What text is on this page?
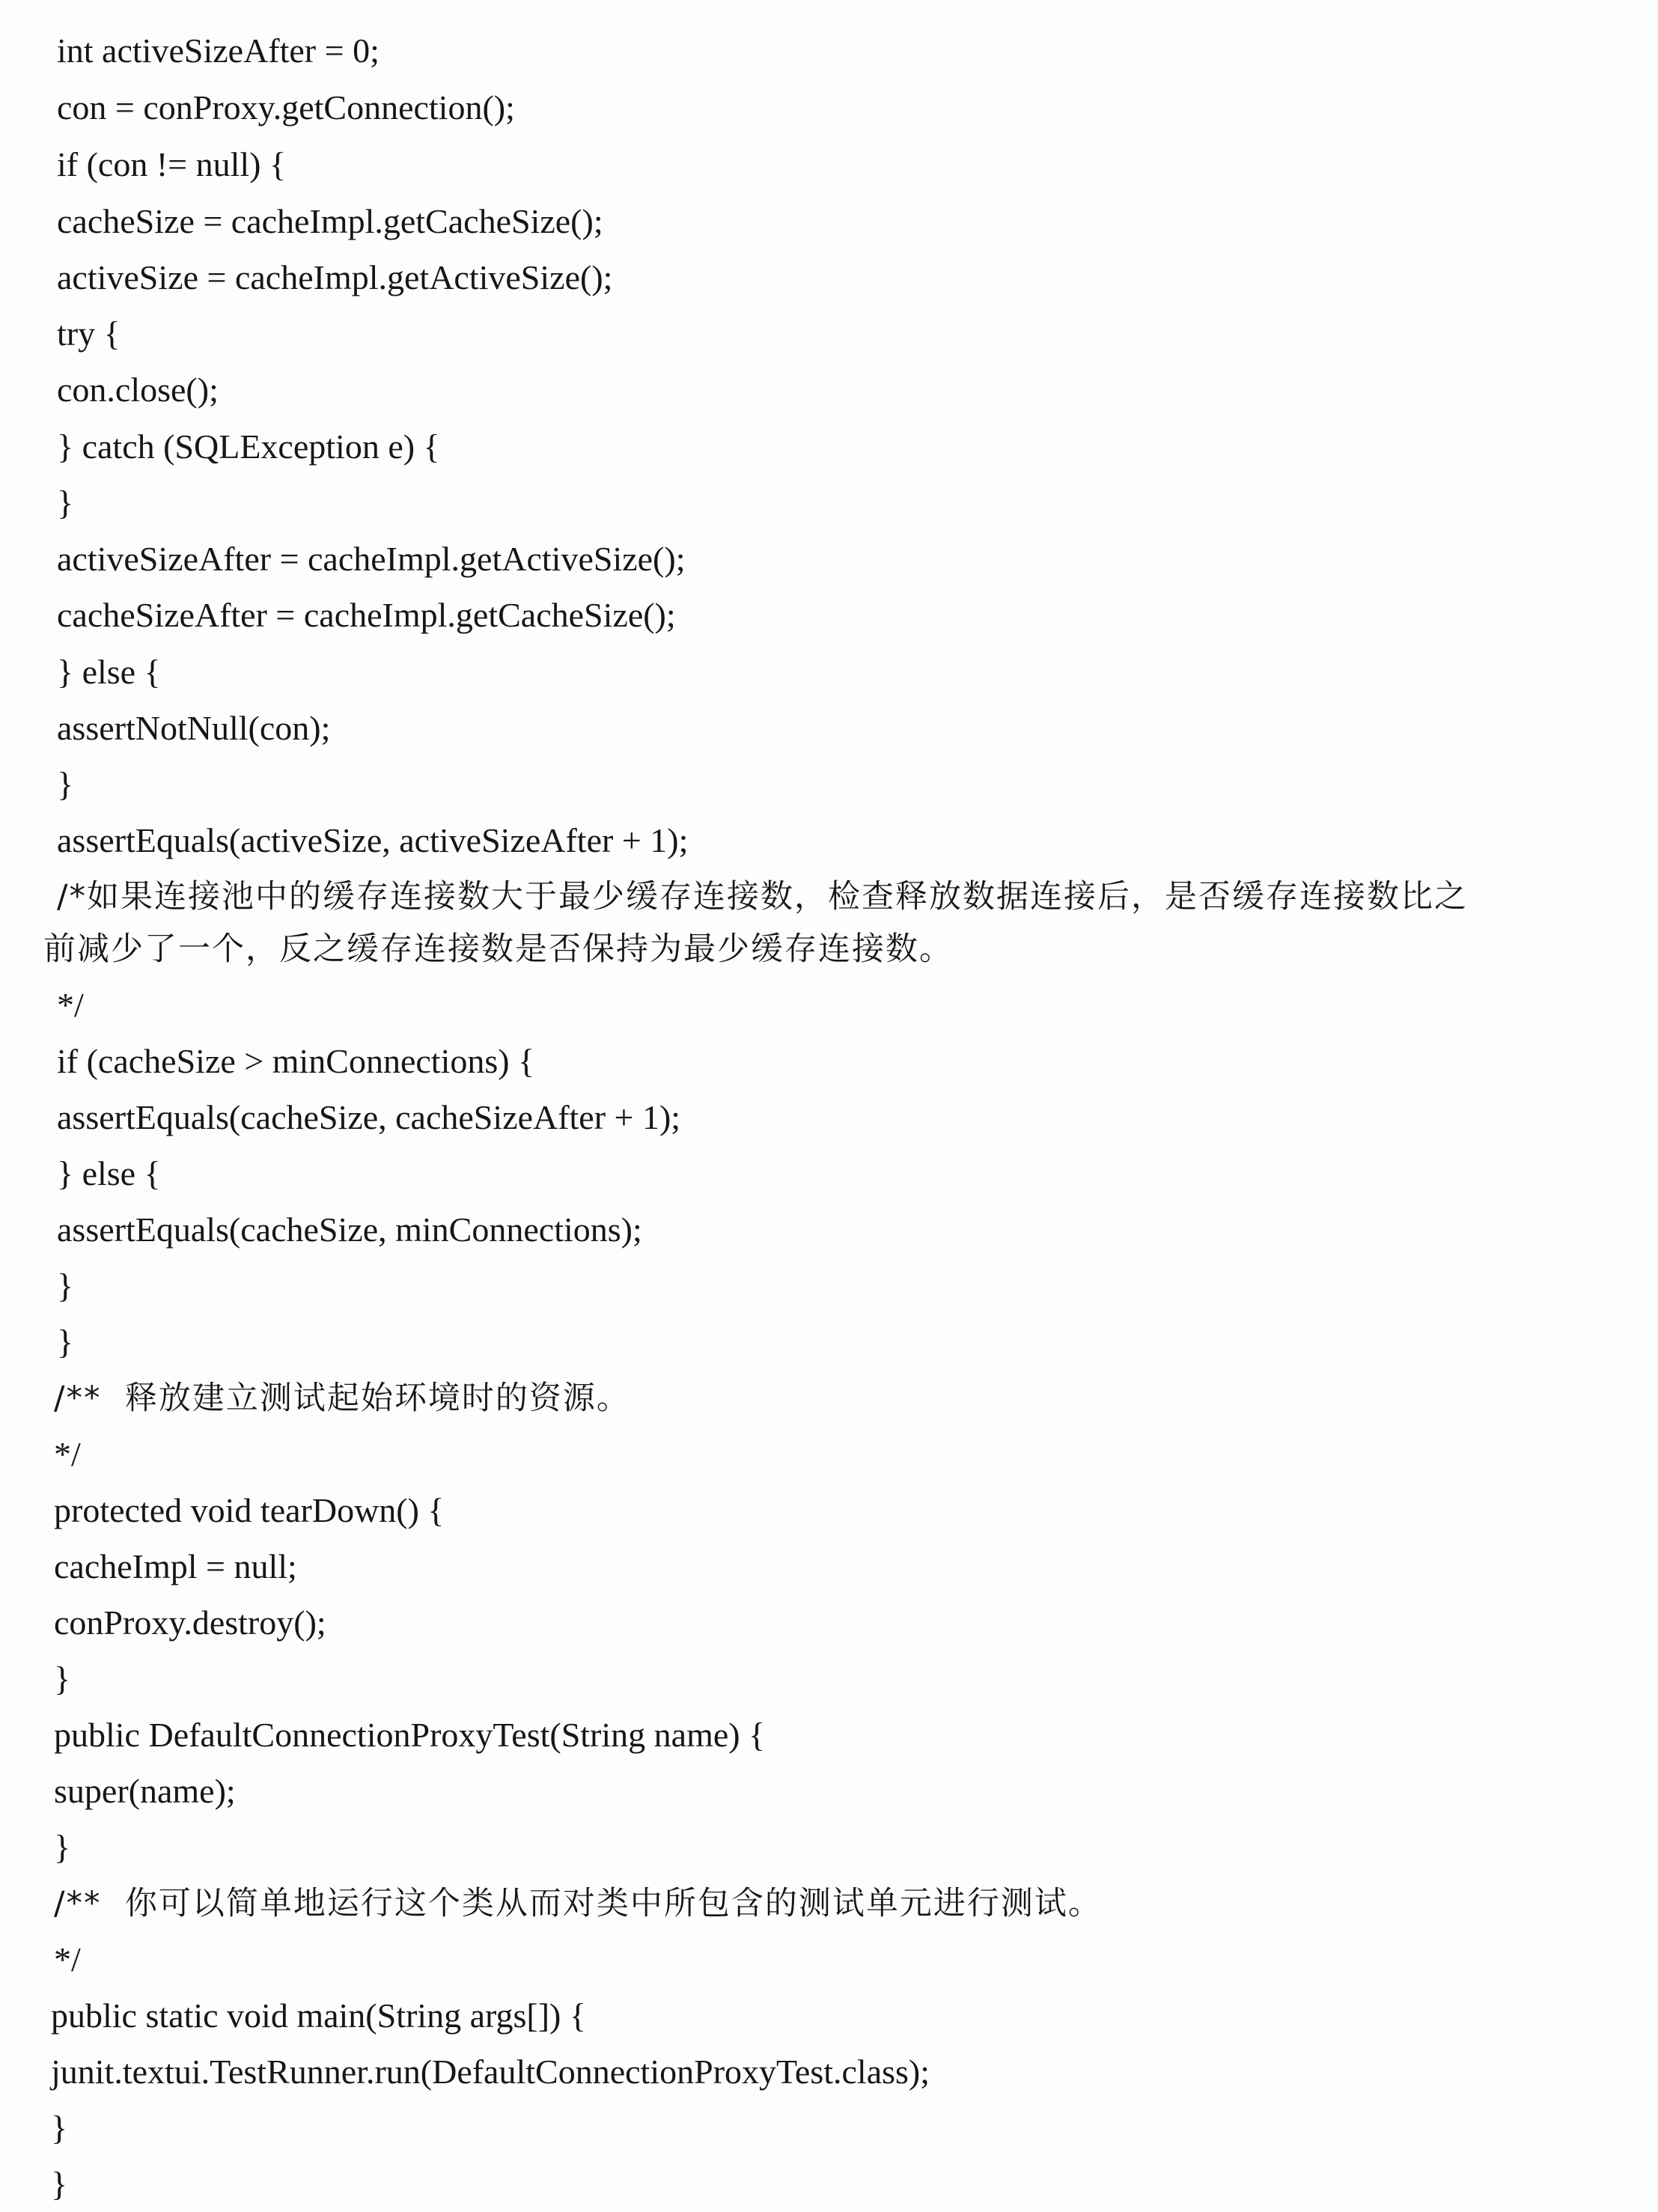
int activeSizeAfter = 0;
con = conProxy.getConnection();
if (con != null) {
cacheSize = cacheImpl.getCacheSize();
activeSize = cacheImpl.getActiveSize();
try {
con.close();
} catch (SQLException e) {
}
activeSizeAfter = cacheImpl.getActiveSize();
cacheSizeAfter = cacheImpl.getCacheSize();
} else {
assertNotNull(con);
}
assertEquals(activeSize, activeSizeAfter + 1);
/*如果连接池中的缓存连接数大于最少缓存连接数，检查释放数据连接后，是否缓存连接数比之
前减少了一个，反之缓存连接数是否保持为最少缓存连接数。
*/
if (cacheSize > minConnections) {
assertEquals(cacheSize, cacheSizeAfter + 1);
} else {
assertEquals(cacheSize, minConnections);
}
}
/**  释放建立测试起始环境时的资源。
*/
protected void tearDown() {
cacheImpl = null;
conProxy.destroy();
}
public DefaultConnectionProxyTest(String name) {
super(name);
}
/**  你可以简单地运行这个类从而对类中所包含的测试单元进行测试。
*/
public static void main(String args[]) {
junit.textui.TestRunner.run(DefaultConnectionProxyTest.class);
}
}
